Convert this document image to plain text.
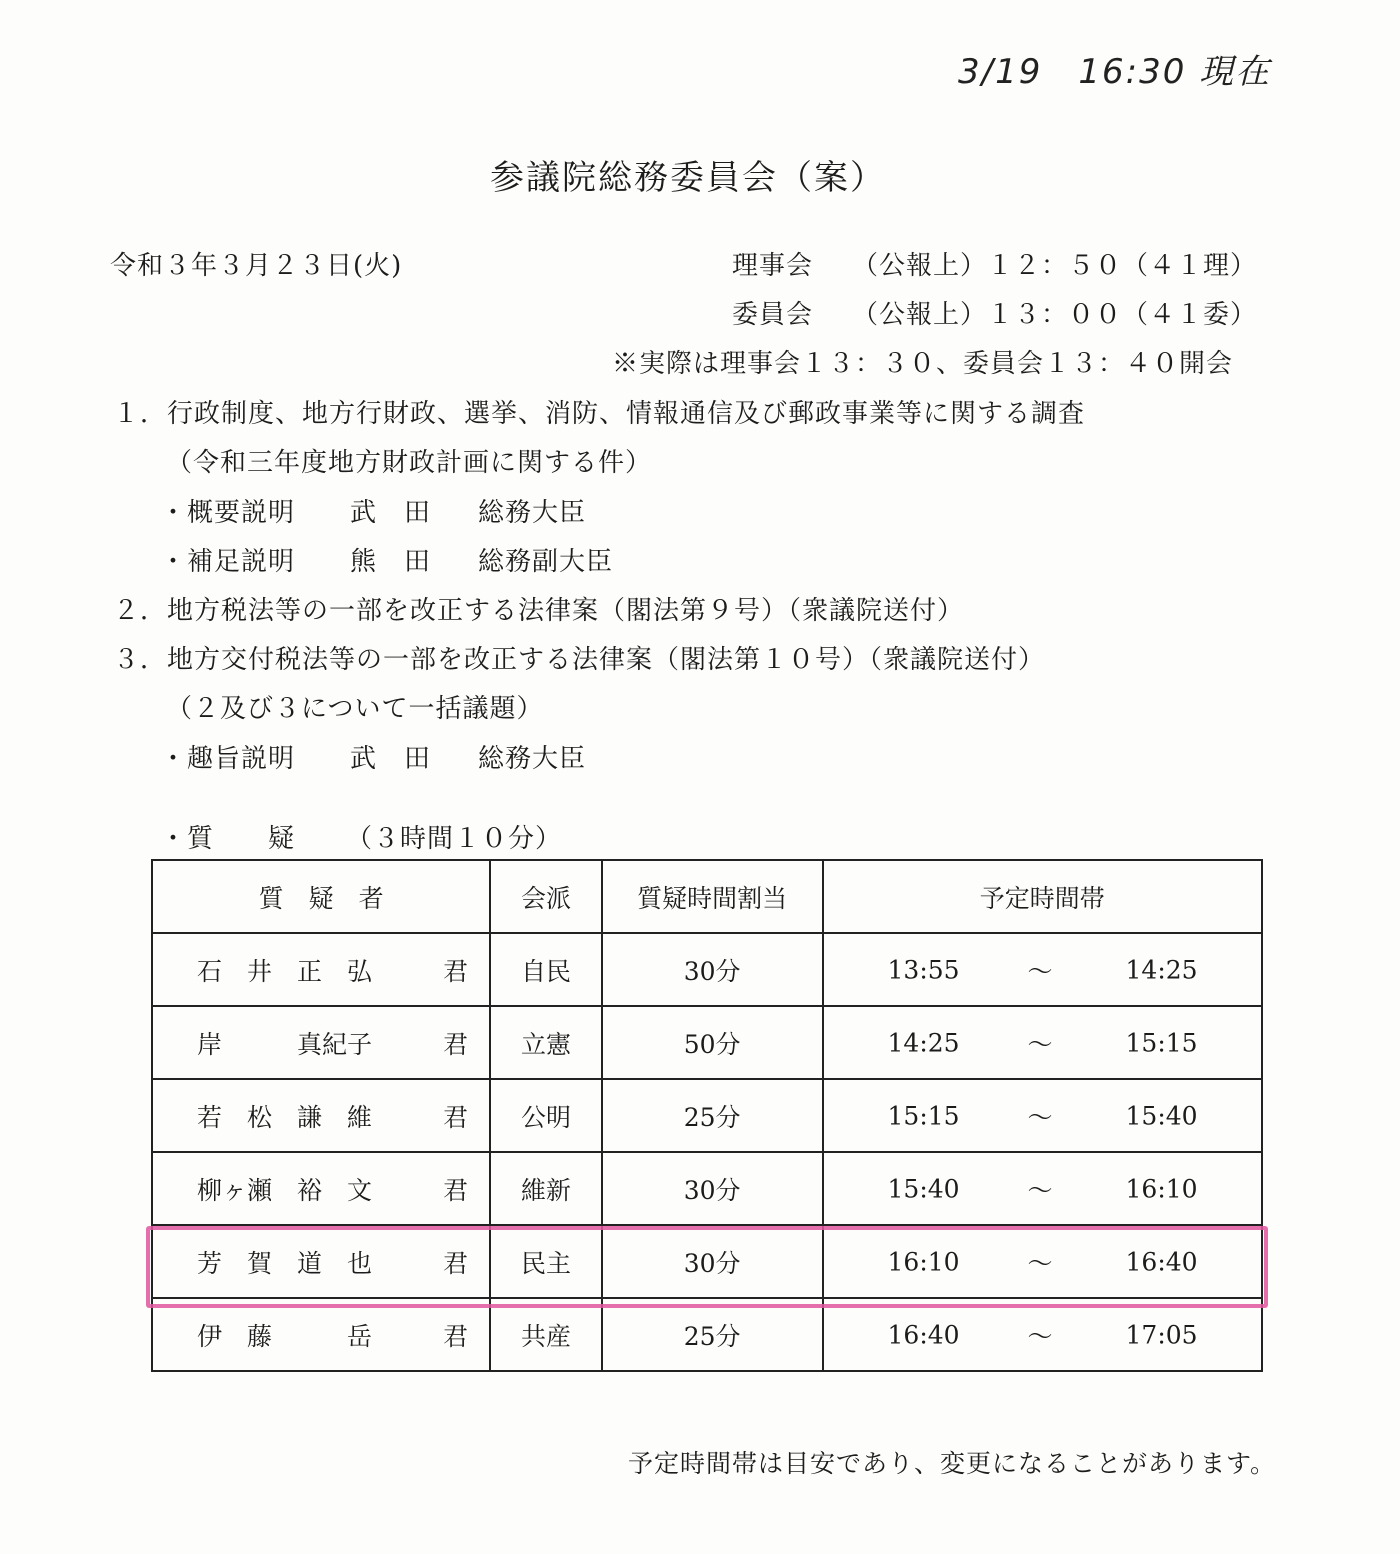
3/19　16:30 現在
参議院総務委員会（案）
令和３年３月２３日(火)	理事会 （公報上）１２：５０（４１理）
委員会 （公報上）１３：００（４１委）
※実際は理事会１３：３０、委員会１３：４０開会
１．行政制度、地方行財政、選挙、消防、情報通信及び郵政事業等に関する調査
（令和三年度地方財政計画に関する件）
・概要説明 武　田 総務大臣
・補足説明 熊　田 総務副大臣
２．地方税法等の一部を改正する法律案（閣法第９号）（衆議院送付）
３．地方交付税法等の一部を改正する法律案（閣法第１０号）（衆議院送付）
（２及び３について一括議題）
・趣旨説明 武　田 総務大臣
・質　　疑 （３時間１０分）
質　疑　者	会派	質疑時間割当	予定時間帯

石　井　正　弘 君	自民	30分	13:55 ～ 14:25

岸　　　真紀子 君	立憲	50分	14:25 ～ 15:15

若　松　謙　維 君	公明	25分	15:15 ～ 15:40

柳ヶ瀬　裕　文 君	維新	30分	15:40 ～ 16:10

芳　賀　道　也 君	民主	30分	16:10 ～ 16:40

伊　藤　　　岳 君	共産	25分	16:40 ～ 17:05
予定時間帯は目安であり、変更になることがあります。
